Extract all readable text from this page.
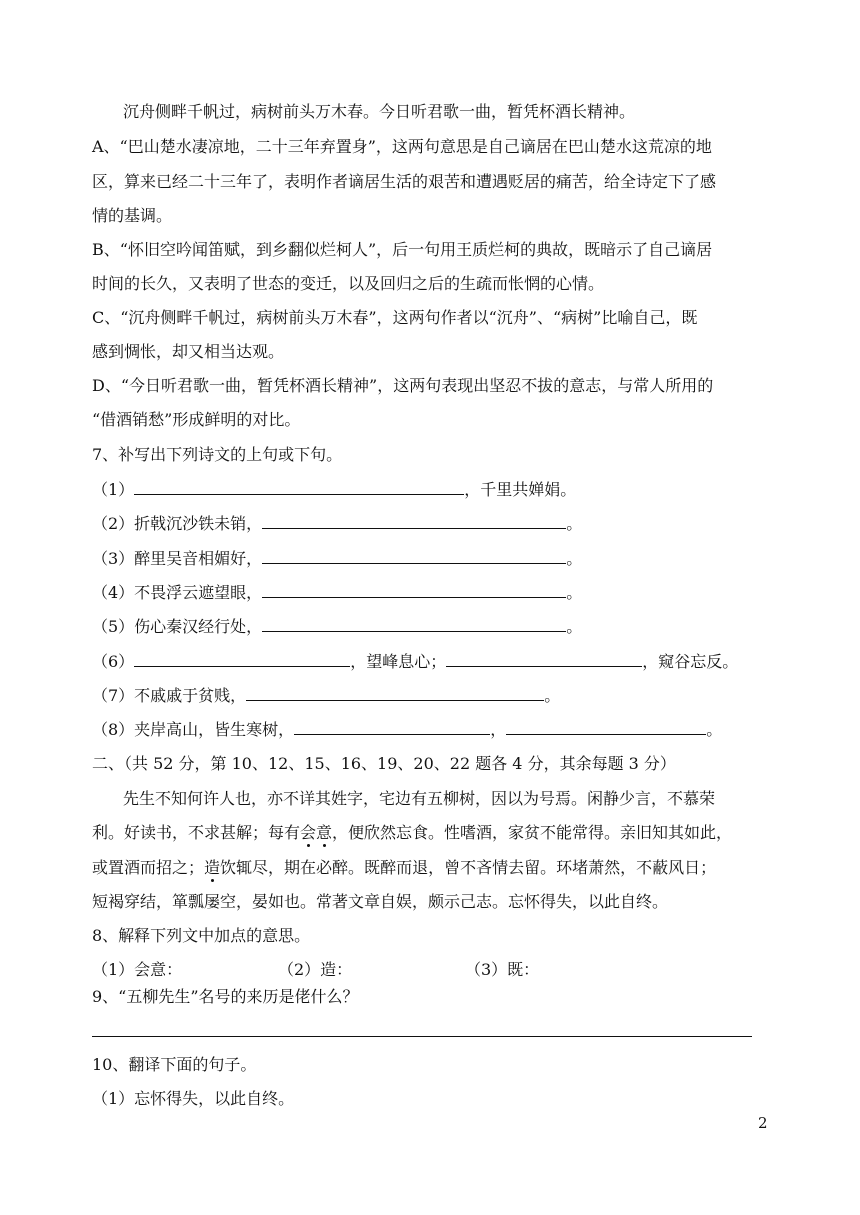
沉舟侧畔千帆过，病树前头万木春。今日听君歌一曲，暂凭杯酒长精神。
A、“巴山楚水凄凉地，二十三年弃置身”，这两句意思是自己谪居在巴山楚水这荒凉的地
区，算来已经二十三年了，表明作者谪居生活的艰苦和遭遇贬居的痛苦，给全诗定下了感
情的基调。
B、“怀旧空吟闻笛赋，到乡翻似烂柯人”，后一句用王质烂柯的典故，既暗示了自己谪居
时间的长久，又表明了世态的变迁，以及回归之后的生疏而怅惘的心情。
C、“沉舟侧畔千帆过，病树前头万木春”，这两句作者以“沉舟”、“病树”比喻自己，既
感到惆怅，却又相当达观。
D、“今日听君歌一曲，暂凭杯酒长精神”，这两句表现出坚忍不拔的意志，与常人所用的
“借酒销愁”形成鲜明的对比。
7、补写出下列诗文的上句或下句。
（1）	，千里共婵娟。
（2）折戟沉沙铁未销，	。
（3）醉里吴音相媚好，	。
（4）不畏浮云遮望眼，	。
（5）伤心秦汉经行处，	。
（6）	，望峰息心；	，窥谷忘反。
（7）不戚戚于贫贱，	。
（8）夹岸高山，皆生寒树，	，	。
二、（共 52 分，第 10、12、15、16、19、20、22 题各 4 分，其余每题 3 分）
先生不知何许人也，亦不详其姓字，宅边有五柳树，因以为号焉。闲静少言，不慕荣
利。好读书，不求甚解；每有会意，便欣然忘食。性嗜酒，家贫不能常得。亲旧知其如此，
或置酒而招之；造饮辄尽，期在必醉。既醉而退，曾不吝情去留。环堵萧然，不蔽风日；
短褐穿结，箪瓢屡空，晏如也。常著文章自娱，颇示己志。忘怀得失，以此自终。
8、解释下列文中加点的意思。
（1）会意：	（2）造：	（3）既：
9、“五柳先生”名号的来历是佬什么？
10、翻译下面的句子。
（1）忘怀得失，以此自终。
2
